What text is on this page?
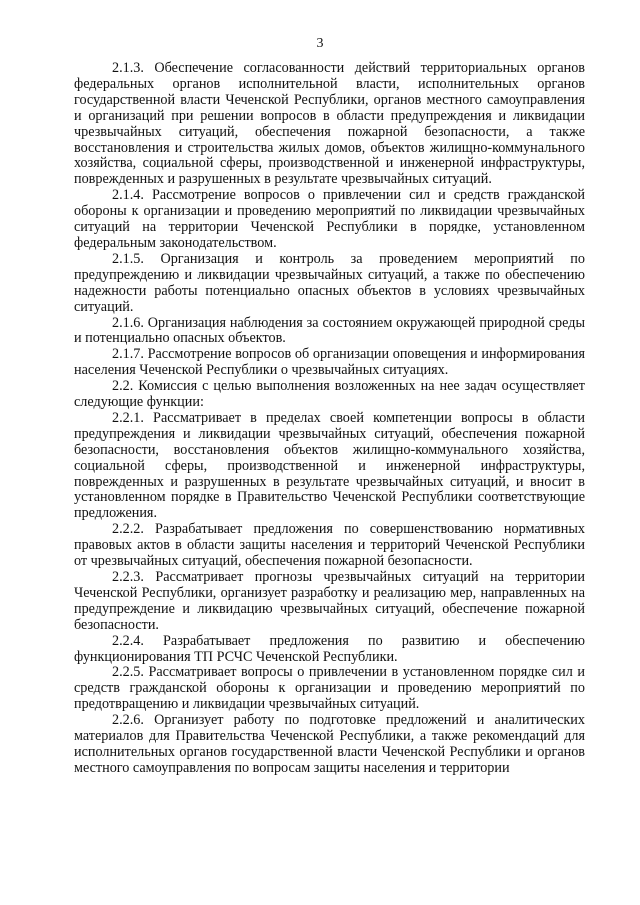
3

2.1.3. Обеспечение согласованности действий территориальных органов федеральных органов исполнительной власти, исполнительных органов государственной власти Чеченской Республики, органов местного самоуправления и организаций при решении вопросов в области предупреждения и ликвидации чрезвычайных ситуаций, обеспечения пожарной безопасности, а также восстановления и строительства жилых домов, объектов жилищно-коммунального хозяйства, социальной сферы, производственной и инженерной инфраструктуры, поврежденных и разрушенных в результате чрезвычайных ситуаций.

2.1.4. Рассмотрение вопросов о привлечении сил и средств гражданской обороны к организации и проведению мероприятий по ликвидации чрезвычайных ситуаций на территории Чеченской Республики в порядке, установленном федеральным законодательством.

2.1.5. Организация и контроль за проведением мероприятий по предупреждению и ликвидации чрезвычайных ситуаций, а также по обеспечению надежности работы потенциально опасных объектов в условиях чрезвычайных ситуаций.

2.1.6. Организация наблюдения за состоянием окружающей природной среды и потенциально опасных объектов.

2.1.7. Рассмотрение вопросов об организации оповещения и информирования населения Чеченской Республики о чрезвычайных ситуациях.

2.2. Комиссия с целью выполнения возложенных на нее задач осуществляет следующие функции:

2.2.1. Рассматривает в пределах своей компетенции вопросы в области предупреждения и ликвидации чрезвычайных ситуаций, обеспечения пожарной безопасности, восстановления объектов жилищно-коммунального хозяйства, социальной сферы, производственной и инженерной инфраструктуры, поврежденных и разрушенных в результате чрезвычайных ситуаций, и вносит в установленном порядке в Правительство Чеченской Республики соответствующие предложения.

2.2.2. Разрабатывает предложения по совершенствованию нормативных правовых актов в области защиты населения и территорий Чеченской Республики от чрезвычайных ситуаций, обеспечения пожарной безопасности.

2.2.3. Рассматривает прогнозы чрезвычайных ситуаций на территории Чеченской Республики, организует разработку и реализацию мер, направленных на предупреждение и ликвидацию чрезвычайных ситуаций, обеспечение пожарной безопасности.

2.2.4. Разрабатывает предложения по развитию и обеспечению функционирования ТП РСЧС Чеченской Республики.

2.2.5. Рассматривает вопросы о привлечении в установленном порядке сил и средств гражданской обороны к организации и проведению мероприятий по предотвращению и ликвидации чрезвычайных ситуаций.

2.2.6. Организует работу по подготовке предложений и аналитических материалов для Правительства Чеченской Республики, а также рекомендаций для исполнительных органов государственной власти Чеченской Республики и органов местного самоуправления по вопросам защиты населения и территории
